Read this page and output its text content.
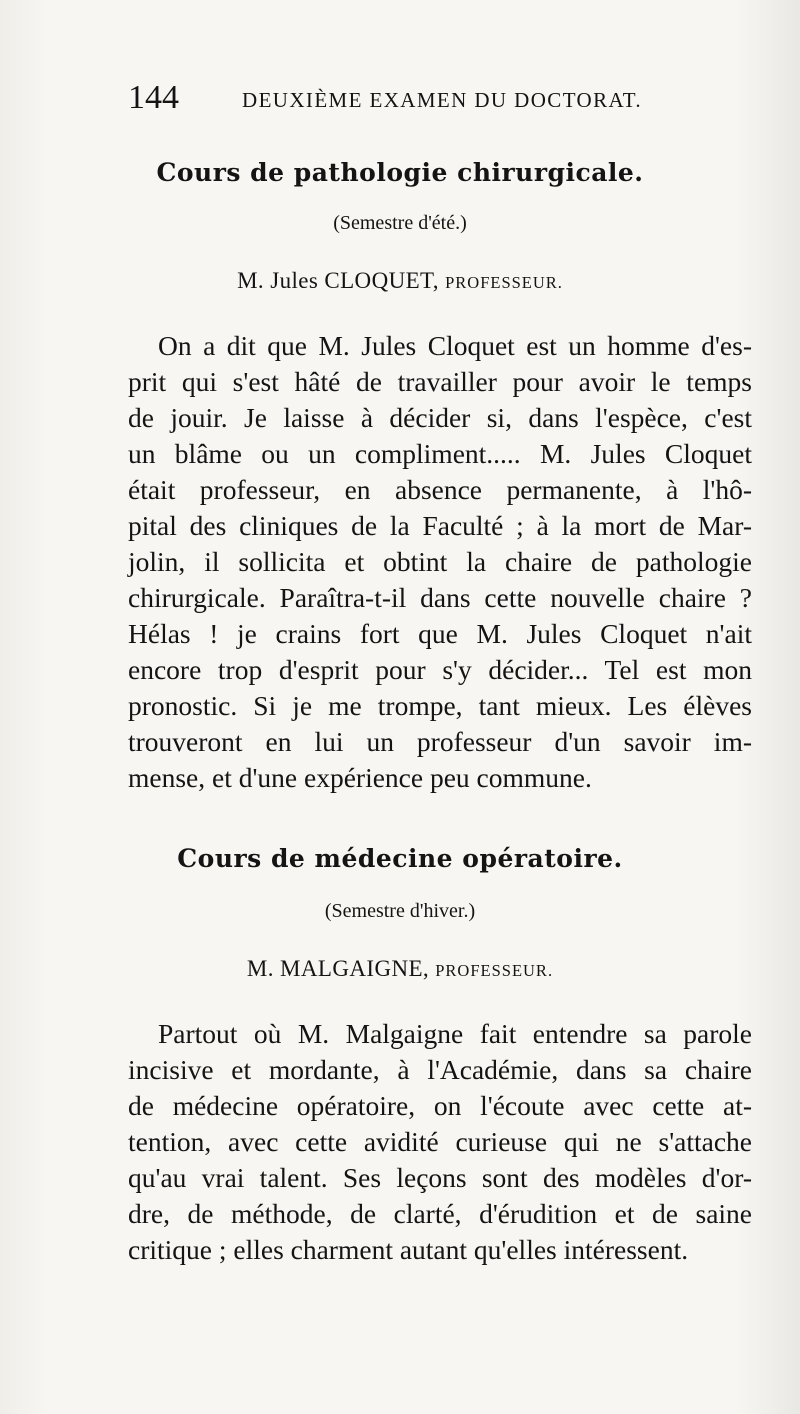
144	DEUXIÈME EXAMEN DU DOCTORAT.
Cours de pathologie chirurgicale.
(Semestre d'été.)
M. Jules CLOQUET, PROFESSEUR.
On a dit que M. Jules Cloquet est un homme d'es-
prit qui s'est hâté de travailler pour avoir le temps
de jouir. Je laisse à décider si, dans l'espèce, c'est
un blâme ou un compliment..... M. Jules Cloquet
était professeur, en absence permanente, à l'hô-
pital des cliniques de la Faculté ; à la mort de Mar-
jolin, il sollicita et obtint la chaire de pathologie
chirurgicale. Paraîtra-t-il dans cette nouvelle chaire ?
Hélas ! je crains fort que M. Jules Cloquet n'ait
encore trop d'esprit pour s'y décider... Tel est mon
pronostic. Si je me trompe, tant mieux. Les élèves
trouveront en lui un professeur d'un savoir im-
mense, et d'une expérience peu commune.
Cours de médecine opératoire.
(Semestre d'hiver.)
M. MALGAIGNE, PROFESSEUR.
Partout où M. Malgaigne fait entendre sa parole
incisive et mordante, à l'Académie, dans sa chaire
de médecine opératoire, on l'écoute avec cette at-
tention, avec cette avidité curieuse qui ne s'attache
qu'au vrai talent. Ses leçons sont des modèles d'or-
dre, de méthode, de clarté, d'érudition et de saine
critique ; elles charment autant qu'elles intéressent.
